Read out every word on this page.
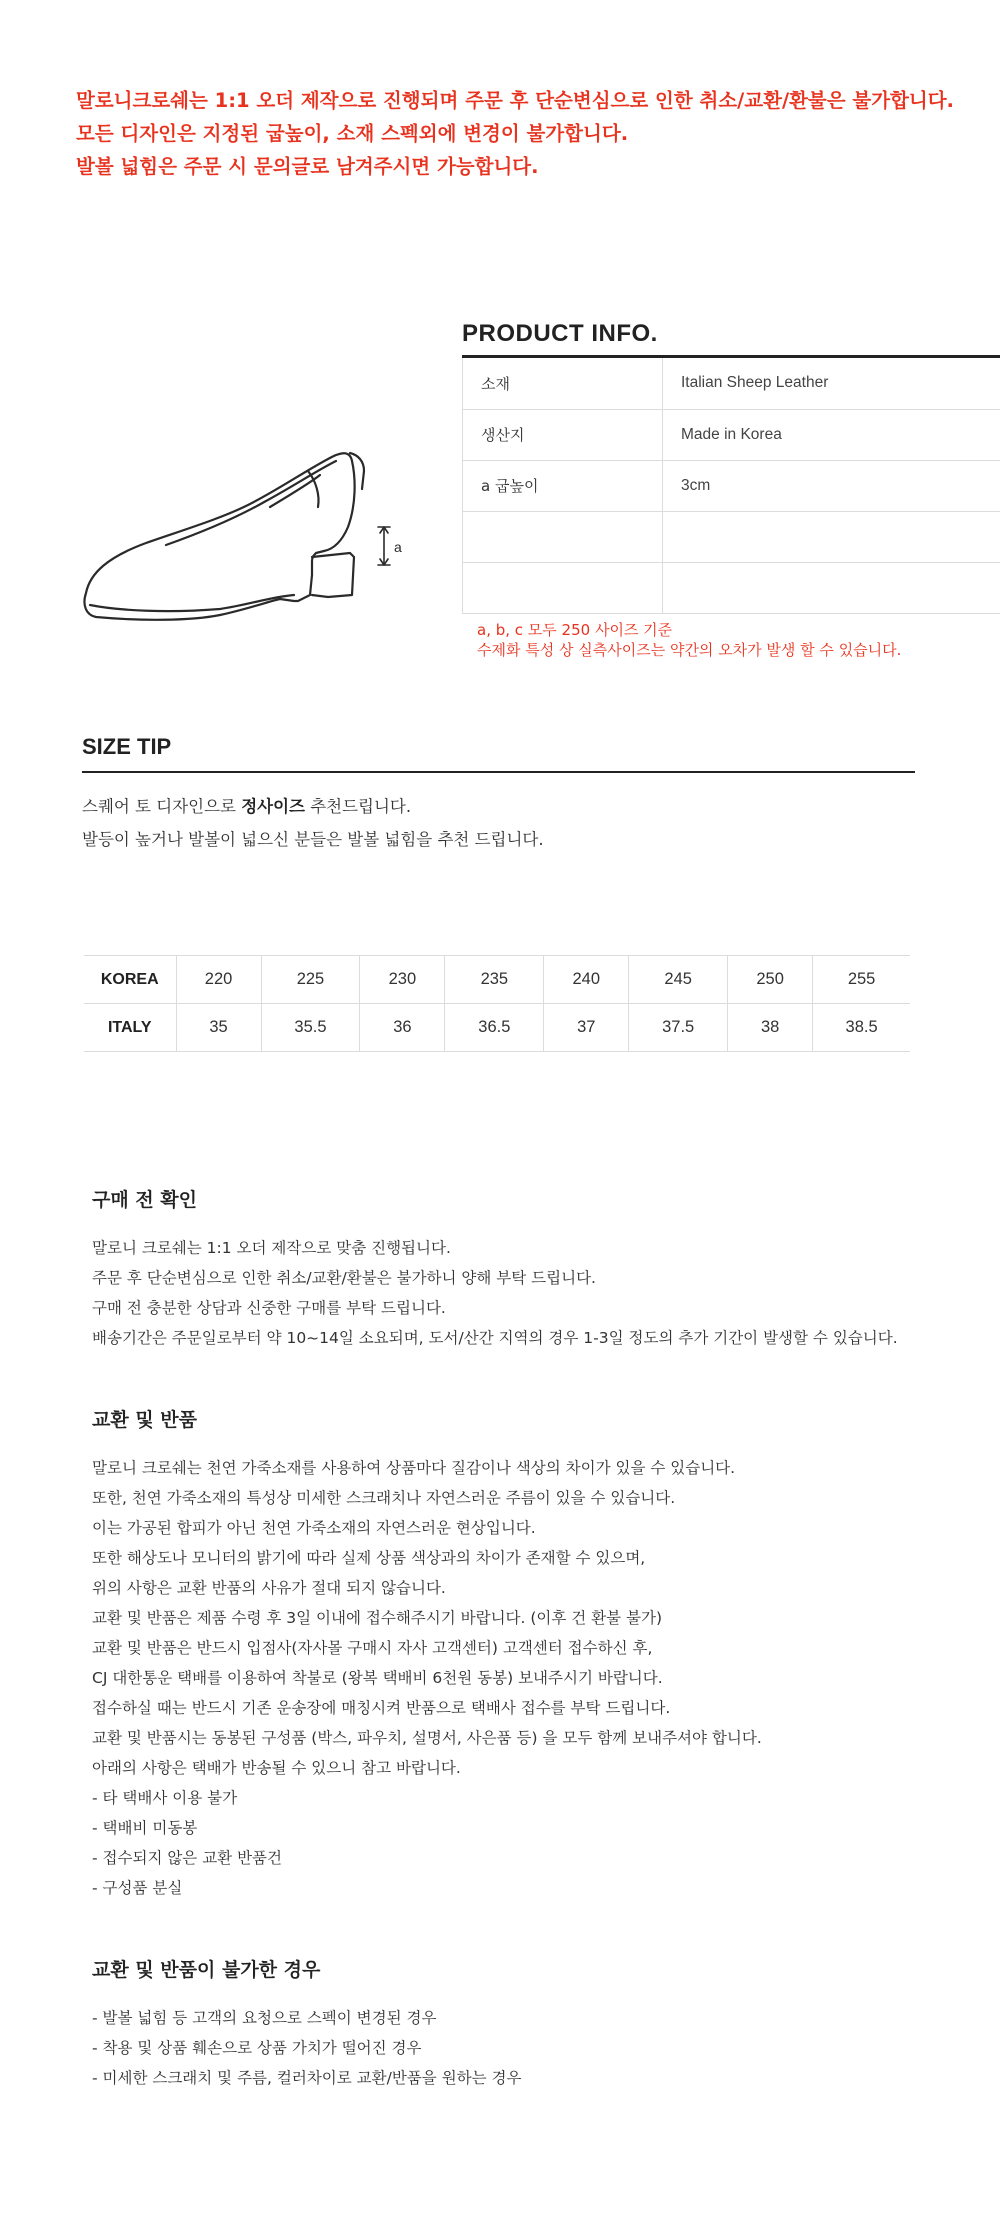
말로니크로쉐는 1:1 오더 제작으로 진행되며 주문 후 단순변심으로 인한 취소/교환/환불은 불가합니다.
모든 디자인은 지정된 굽높이, 소재 스펙외에 변경이 불가합니다.
발볼 넓힘은 주문 시 문의글로 남겨주시면 가능합니다.
a
PRODUCT INFO.
소재	Italian Sheep Leather
생산지	Made in Korea
a 굽높이	3cm

a, b, c 모두 250 사이즈 기준
수제화 특성 상 실측사이즈는 약간의 오차가 발생 할 수 있습니다.
SIZE TIP
스퀘어 토 디자인으로 정사이즈 추천드립니다.
발등이 높거나 발볼이 넓으신 분들은 발볼 넓힘을 추천 드립니다.
KOREA	220	225	230	235	240	245	250	255
ITALY	35	35.5	36	36.5	37	37.5	38	38.5
구매 전 확인
말로니 크로쉐는 1:1 오더 제작으로 맞춤 진행됩니다.
주문 후 단순변심으로 인한 취소/교환/환불은 불가하니 양해 부탁 드립니다.
구매 전 충분한 상담과 신중한 구매를 부탁 드립니다.
배송기간은 주문일로부터 약 10~14일 소요되며, 도서/산간 지역의 경우 1-3일 정도의 추가 기간이 발생할 수 있습니다.
교환 및 반품
말로니 크로쉐는 천연 가죽소재를 사용하여 상품마다 질감이나 색상의 차이가 있을 수 있습니다.
또한, 천연 가죽소재의 특성상 미세한 스크래치나 자연스러운 주름이 있을 수 있습니다.
이는 가공된 합피가 아닌 천연 가죽소재의 자연스러운 현상입니다.
또한 해상도나 모니터의 밝기에 따라 실제 상품 색상과의 차이가 존재할 수 있으며,
위의 사항은 교환 반품의 사유가 절대 되지 않습니다.
교환 및 반품은 제품 수령 후 3일 이내에 접수해주시기 바랍니다. (이후 건 환불 불가)
교환 및 반품은 반드시 입점사(자사몰 구매시 자사 고객센터) 고객센터 접수하신 후,
CJ 대한통운 택배를 이용하여 착불로 (왕복 택배비 6천원 동봉) 보내주시기 바랍니다.
접수하실 때는 반드시 기존 운송장에 매칭시켜 반품으로 택배사 접수를 부탁 드립니다.
교환 및 반품시는 동봉된 구성품 (박스, 파우치, 설명서, 사은품 등) 을 모두 함께 보내주셔야 합니다.
아래의 사항은 택배가 반송될 수 있으니 참고 바랍니다.
- 타 택배사 이용 불가
- 택배비 미동봉
- 접수되지 않은 교환 반품건
- 구성품 분실
교환 및 반품이 불가한 경우
- 발볼 넓힘 등 고객의 요청으로 스펙이 변경된 경우
- 착용 및 상품 훼손으로 상품 가치가 떨어진 경우
- 미세한 스크래치 및 주름, 컬러차이로 교환/반품을 원하는 경우
